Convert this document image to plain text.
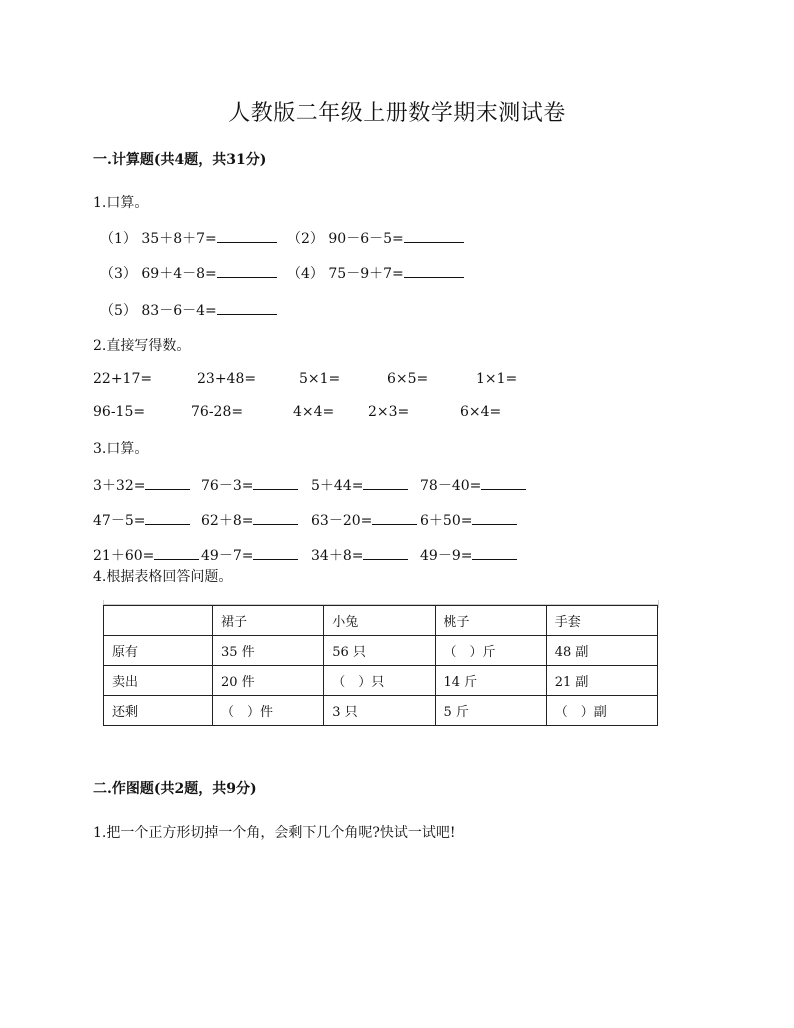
人教版二年级上册数学期末测试卷
一.计算题(共4题，共31分)
1.口算。
（1） 35＋8＋7=	（2） 90－6－5=
（3） 69＋4－8=	（4） 75－9＋7=
（5） 83－6－4=
2.直接写得数。
22+17=	23+48=	5×1=	6×5=	1×1=
96-15=	76-28=	4×4= 2×3=	6×4=
3.口算。
3＋32=	76－3=	5＋44=	78－40=
47－5=	62＋8=	63－20=	6＋50=
21＋60=	49－7=	34＋8=	49－9=
4.根据表格回答问题。
	裙子	小兔	桃子	手套
原有	35 件	56 只	（　）斤	48 副
卖出	20 件	（　）只	14 斤	21 副
还剩	（　）件	3 只	5 斤	（　）副
二.作图题(共2题，共9分)
1.把一个正方形切掉一个角，会剩下几个角呢?快试一试吧!
